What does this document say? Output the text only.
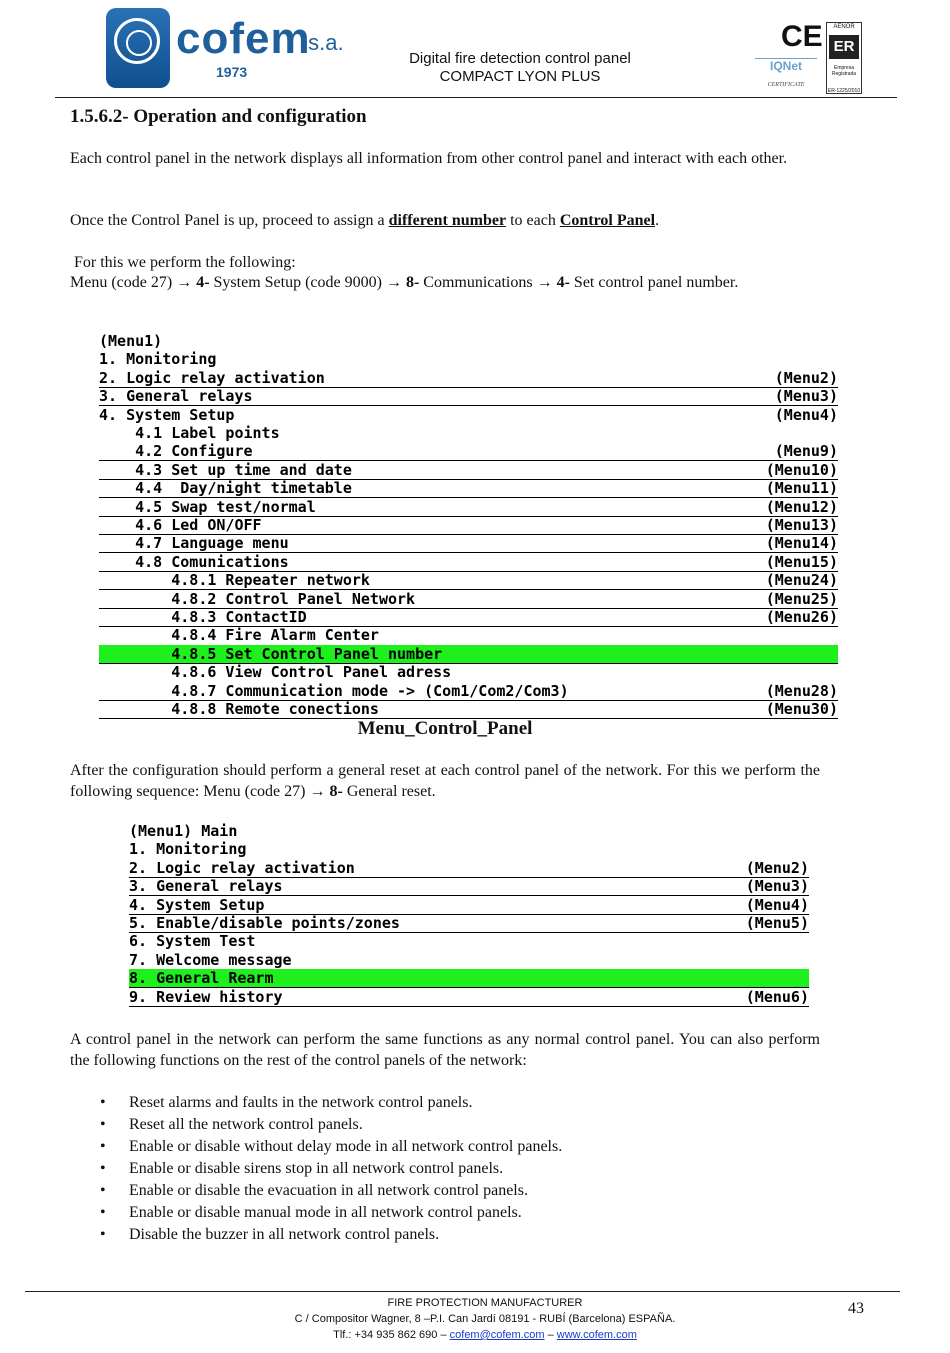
cofem
,s.a.
1973
Digital fire detection control panel
COMPACT LYON PLUS
CE
IQNet
CERTIFICATE
AENOR
ER
Empresa Registrada
ER-1225/2010
1.5.6.2- Operation and configuration
Each control panel in the network displays all information from other control panel and interact with each other.
Once the Control Panel is up, proceed to assign a different number to each Control Panel.
For this we perform the following:
Menu (code 27) → 4- System Setup (code 9000) → 8- Communications → 4- Set control panel number.
(Menu1)
1. Monitoring
2. Logic relay activation	(Menu2)
3. General relays	(Menu3)
4. System Setup	(Menu4)
4.1 Label points
4.2 Configure	(Menu9)
4.3 Set up time and date	(Menu10)
4.4  Day/night timetable	(Menu11)
4.5 Swap test/normal	(Menu12)
4.6 Led ON/OFF	(Menu13)
4.7 Language menu	(Menu14)
4.8 Comunications	(Menu15)
4.8.1 Repeater network	(Menu24)
4.8.2 Control Panel Network	(Menu25)
4.8.3 ContactID	(Menu26)
4.8.4 Fire Alarm Center
4.8.5 Set Control Panel number
4.8.6 View Control Panel adress
4.8.7 Communication mode -> (Com1/Com2/Com3)	(Menu28)
4.8.8 Remote conections	(Menu30)
Menu_Control_Panel
After the configuration should perform a general reset at each control panel of the network. For this we perform the following sequence: Menu (code 27) → 8- General reset.
(Menu1) Main
1. Monitoring
2. Logic relay activation	(Menu2)
3. General relays	(Menu3)
4. System Setup	(Menu4)
5. Enable/disable points/zones	(Menu5)
6. System Test
7. Welcome message
8. General Rearm
9. Review history	(Menu6)
A control panel in the network can perform the same functions as any normal control panel. You can also perform the following functions on the rest of the control panels of the network:
• Reset alarms and faults in the network control panels.
• Reset all the network control panels.
• Enable or disable without delay mode in all network control panels.
• Enable or disable sirens stop in all network control panels.
• Enable or disable the evacuation in all network control panels.
• Enable or disable manual mode in all network control panels.
• Disable the buzzer in all network control panels.
FIRE PROTECTION MANUFACTURER
C / Compositor Wagner, 8 –P.I. Can Jardí 08191 - RUBÍ (Barcelona) ESPAÑA.
Tlf.: +34 935 862 690 – cofem@cofem.com – www.cofem.com
43
